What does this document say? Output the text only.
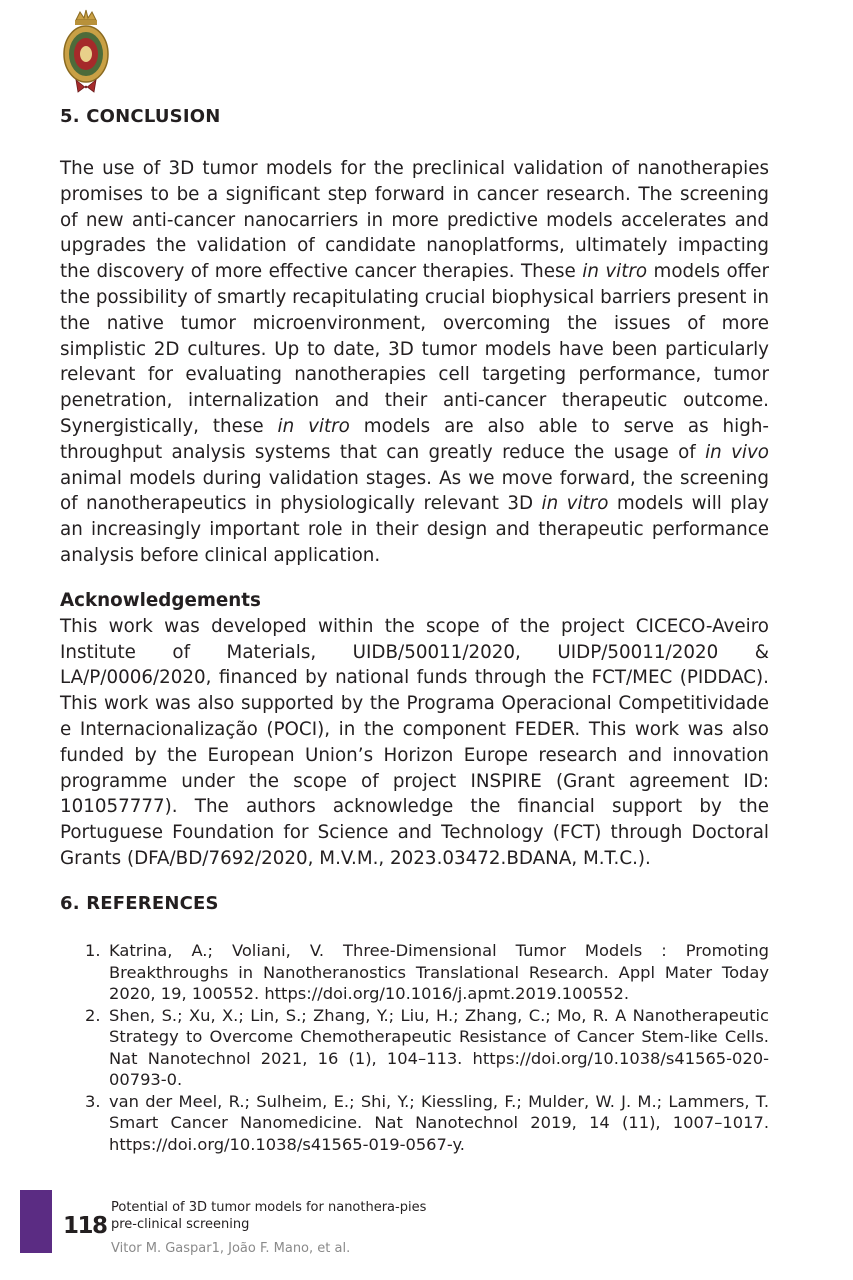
5. CONCLUSION

The use of 3D tumor models for the preclinical validation of nanotherapies promises to be a significant step forward in cancer research. The screening of new anti-cancer nanocarriers in more predictive models accelerates and upgrades the validation of candidate nanoplatforms, ultimately impacting the discovery of more effective cancer therapies. These in vitro models offer the possibility of smartly recapitulating crucial biophysical barriers present in the native tumor microenvironment, overcoming the issues of more simplistic 2D cultures. Up to date, 3D tumor models have been particularly relevant for evaluating nanotherapies cell targeting performance, tumor penetration, internalization and their anti-cancer therapeutic outcome. Synergistically, these in vitro models are also able to serve as high-throughput analysis systems that can greatly reduce the usage of in vivo animal models during validation stages. As we move forward, the screening of nanotherapeutics in physiologically relevant 3D in vitro models will play an increasingly important role in their design and therapeutic performance analysis before clinical application.

Acknowledgements
This work was developed within the scope of the project CICECO-Aveiro Institute of Materials, UIDB/50011/2020, UIDP/50011/2020 & LA/P/0006/2020, financed by national funds through the FCT/MEC (PIDDAC). This work was also supported by the Programa Operacional Competitividade e Internacionalização (POCI), in the component FEDER. This work was also funded by the European Union’s Horizon Europe research and innovation programme under the scope of project INSPIRE (Grant agreement ID: 101057777). The authors acknowledge the financial support by the Portuguese Foundation for Science and Technology (FCT) through Doctoral Grants (DFA/BD/7692/2020, M.V.M., 2023.03472.BDANA, M.T.C.).

6. REFERENCES
1. Katrina, A.; Voliani, V. Three-Dimensional Tumor Models : Promoting Breakthroughs in Nanotheranostics Translational Research. Appl Mater Today 2020, 19, 100552. https://doi.org/10.1016/j.apmt.2019.100552.
2. Shen, S.; Xu, X.; Lin, S.; Zhang, Y.; Liu, H.; Zhang, C.; Mo, R. A Nanotherapeutic Strategy to Overcome Chemotherapeutic Resistance of Cancer Stem-like Cells. Nat Nanotechnol 2021, 16 (1), 104–113. https://doi.org/10.1038/s41565-020-00793-0.
3. van der Meel, R.; Sulheim, E.; Shi, Y.; Kiessling, F.; Mulder, W. J. M.; Lammers, T. Smart Cancer Nanomedicine. Nat Nanotechnol 2019, 14 (11), 1007–1017. https://doi.org/10.1038/s41565-019-0567-y.
118
Potential of 3D tumor models for nanothera-pies pre-clinical screening
Vitor M. Gaspar1, João F. Mano, et al.
